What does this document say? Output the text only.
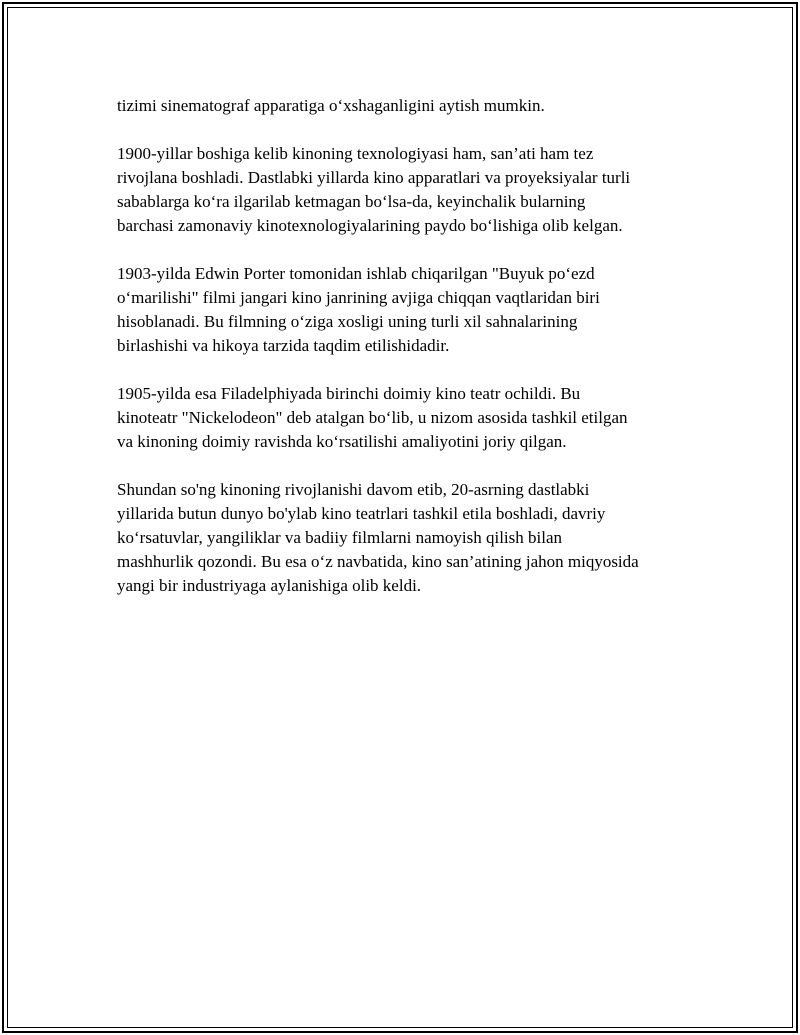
tizimi sinematograf apparatiga oʻxshaganligini aytish mumkin.

1900-yillar boshiga kelib kinoning texnologiyasi ham, san’ati ham tez
rivojlana boshladi. Dastlabki yillarda kino apparatlari va proyeksiyalar turli
sabablarga koʻra ilgarilab ketmagan boʻlsa-da, keyinchalik bularning
barchasi zamonaviy kinotexnologiyalarining paydo boʻlishiga olib kelgan.

1903-yilda Edwin Porter tomonidan ishlab chiqarilgan "Buyuk poʻezd
oʻmarilishi" filmi jangari kino janrining avjiga chiqqan vaqtlaridan biri
hisoblanadi. Bu filmning oʻziga xosligi uning turli xil sahnalarining
birlashishi va hikoya tarzida taqdim etilishidadir.

1905-yilda esa Filadelphiyada birinchi doimiy kino teatr ochildi. Bu
kinoteatr "Nickelodeon" deb atalgan boʻlib, u nizom asosida tashkil etilgan
va kinoning doimiy ravishda koʻrsatilishi amaliyotini joriy qilgan.

Shundan so'ng kinoning rivojlanishi davom etib, 20-asrning dastlabki
yillarida butun dunyo bo'ylab kino teatrlari tashkil etila boshladi, davriy
koʻrsatuvlar, yangiliklar va badiiy filmlarni namoyish qilish bilan
mashhurlik qozondi. Bu esa oʻz navbatida, kino san’atining jahon miqyosida
yangi bir industriyaga aylanishiga olib keldi.
